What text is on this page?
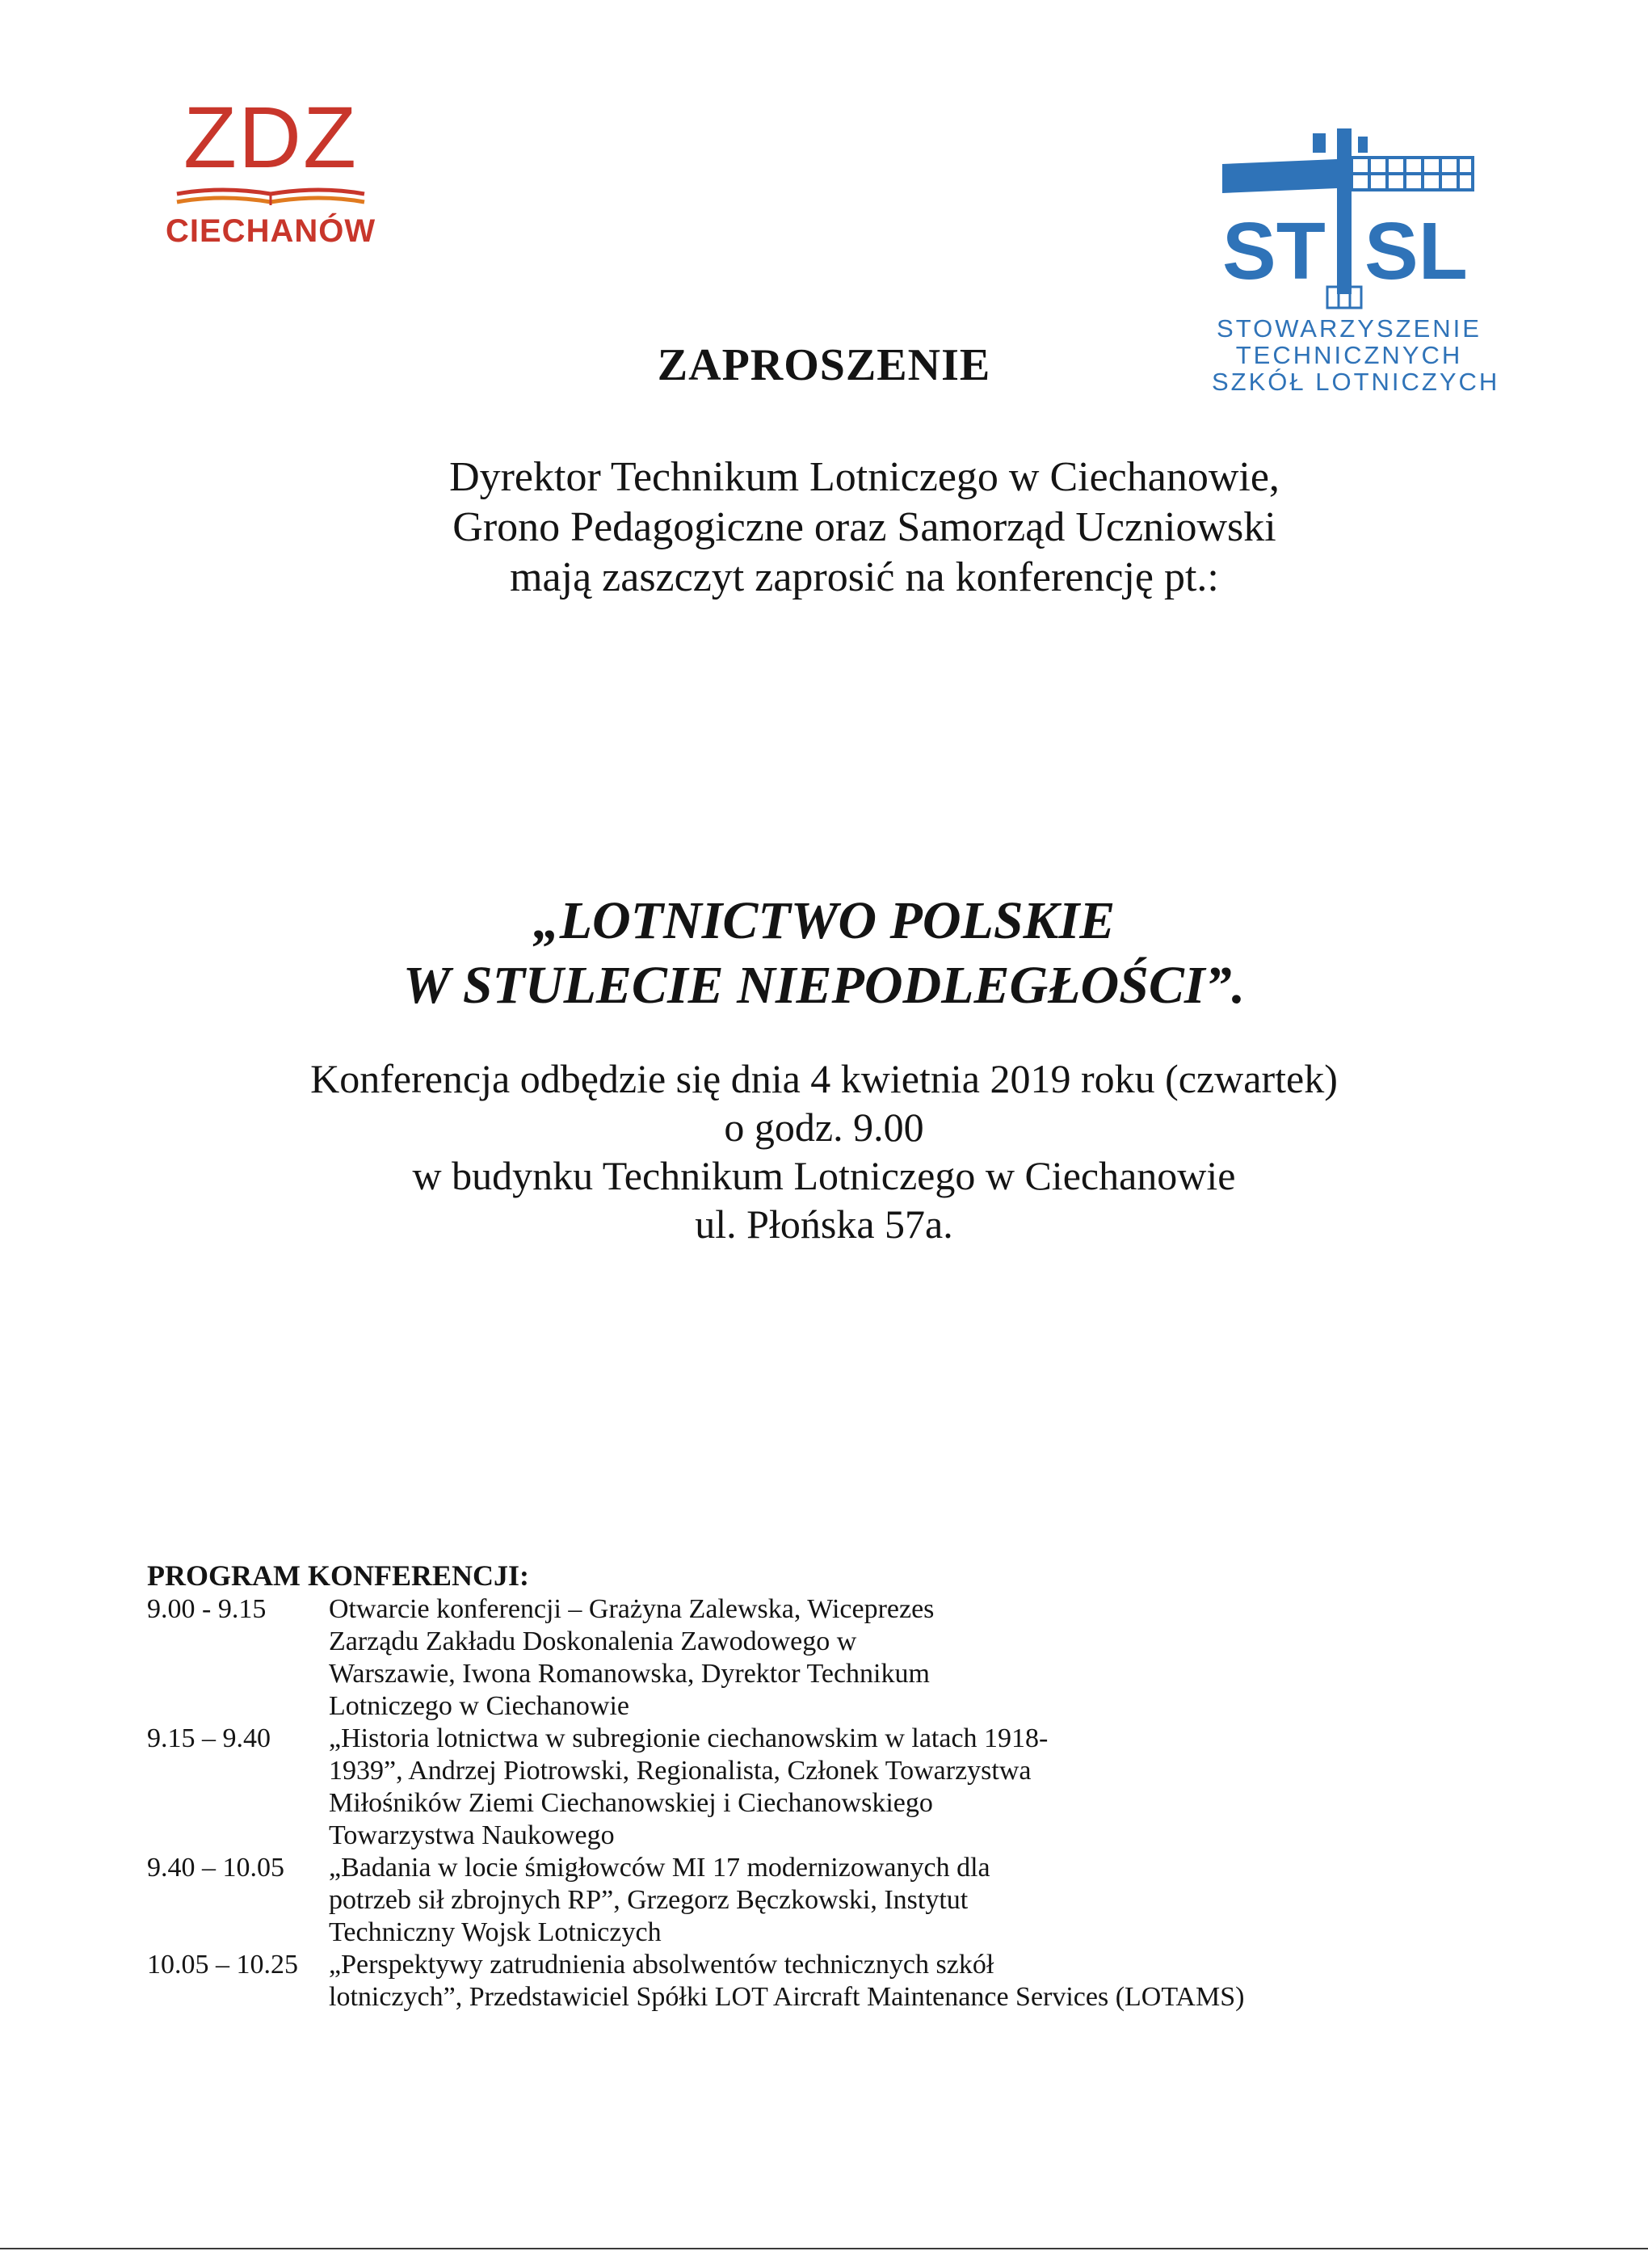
ZDZ
CIECHANÓW	ST SL
STOWARZYSZENIE
TECHNICZNYCH
SZKÓŁ LOTNICZYCH
ZAPROSZENIE
Dyrektor Technikum Lotniczego w Ciechanowie,
Grono Pedagogiczne oraz Samorząd Uczniowski
mają zaszczyt zaprosić na konferencję pt.:
„LOTNICTWO POLSKIE
W STULECIE NIEPODLEGŁOŚCI”.
Konferencja odbędzie się dnia 4 kwietnia 2019 roku (czwartek)
o godz. 9.00
w budynku Technikum Lotniczego w Ciechanowie
ul. Płońska 57a.
PROGRAM KONFERENCJI:
9.00 - 9.15	Otwarcie konferencji – Grażyna Zalewska, Wiceprezes
Zarządu Zakładu Doskonalenia Zawodowego w
Warszawie, Iwona Romanowska, Dyrektor Technikum
Lotniczego w Ciechanowie
9.15 – 9.40	„Historia lotnictwa w subregionie ciechanowskim w latach 1918-
1939”, Andrzej Piotrowski, Regionalista, Członek Towarzystwa
Miłośników Ziemi Ciechanowskiej i Ciechanowskiego
Towarzystwa Naukowego
9.40 – 10.05	„Badania w locie śmigłowców MI 17 modernizowanych dla
potrzeb sił zbrojnych RP”, Grzegorz Bęczkowski, Instytut
Techniczny Wojsk Lotniczych
10.05 – 10.25	„Perspektywy zatrudnienia absolwentów technicznych szkół
lotniczych”, Przedstawiciel Spółki LOT Aircraft Maintenance Services (LOTAMS)
